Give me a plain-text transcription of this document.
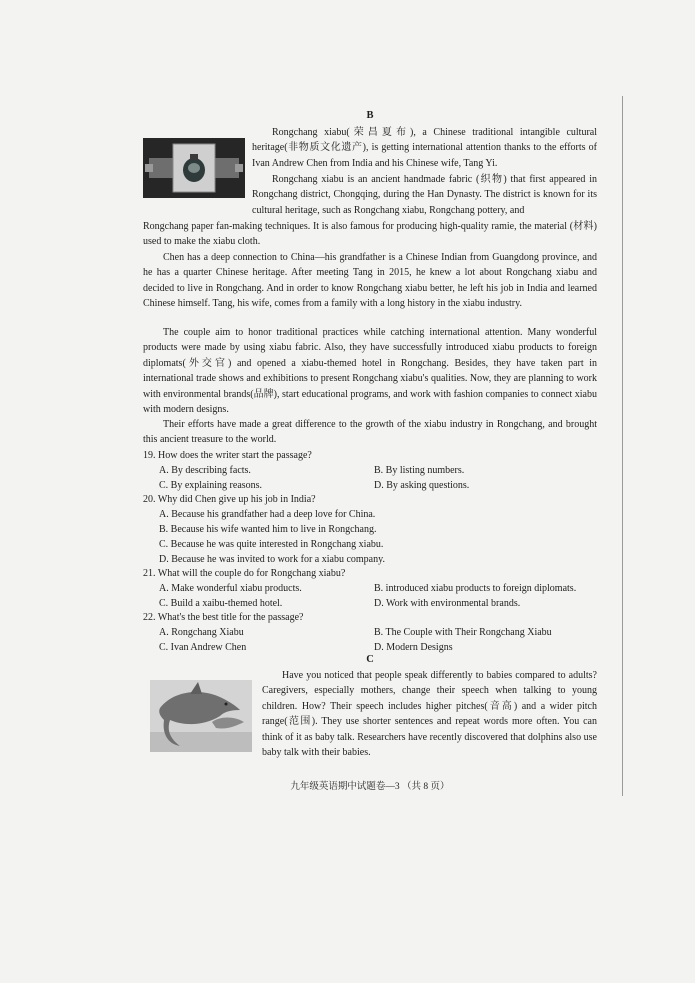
B

Rongchang xiabu(荣昌夏布), a Chinese traditional intangible cultural heritage(非物质文化遗产), is getting international attention thanks to the efforts of Ivan Andrew Chen from India and his Chinese wife, Tang Yi.

Rongchang xiabu is an ancient handmade fabric (织物) that first appeared in Rongchang district, Chongqing, during the Han Dynasty. The district is known for its cultural heritage, such as Rongchang xiabu, Rongchang pottery, and

Rongchang paper fan-making techniques. It is also famous for producing high-quality ramie, the material (材料) used to make the xiabu cloth.

Chen has a deep connection to China—his grandfather is a Chinese Indian from Guangdong province, and he has a quarter Chinese heritage. After meeting Tang in 2015, he knew a lot about Rongchang xiabu and decided to live in Rongchang. And in order to know Rongchang xiabu better, he left his job in India and learned Chinese himself. Tang, his wife, comes from a family with a long history in the xiabu industry.

The couple aim to honor traditional practices while catching international attention. Many wonderful products were made by using xiabu fabric. Also, they have successfully introduced xiabu products to foreign diplomats(外交官) and opened a xiabu-themed hotel in Rongchang. Besides, they have taken part in international trade shows and exhibitions to present Rongchang xiabu's qualities. Now, they are planning to work with environmental brands(品牌), start educational programs, and work with fashion companies to connect xiabu with modern designs.

Their efforts have made a great difference to the growth of the xiabu industry in Rongchang, and brought this ancient treasure to the world.

19. How does the writer start the passage?
A. By describing facts.	B. By listing numbers.
C. By explaining reasons.	D. By asking questions.
20. Why did Chen give up his job in India?
A. Because his grandfather had a deep love for China.
B. Because his wife wanted him to live in Rongchang.
C. Because he was quite interested in Rongchang xiabu.
D. Because he was invited to work for a xiabu company.
21. What will the couple do for Rongchang xiabu?
A. Make wonderful xiabu products.	B. introduced xiabu products to foreign diplomats.
C. Build a xaibu-themed hotel.	D. Work with environmental brands.
22. What's the best title for the passage?
A. Rongchang Xiabu	B. The Couple with Their Rongchang Xiabu
C. Ivan Andrew Chen	D. Modern Designs
C

Have you noticed that people speak differently to babies compared to adults? Caregivers, especially mothers, change their speech when talking to young children. How? Their speech includes higher pitches(音高) and a wider pitch range(范围). They use shorter sentences and repeat words more often. You can think of it as baby talk. Researchers have recently discovered that dolphins also use baby talk with their babies.

九年级英语期中试题卷—3 （共 8 页）
